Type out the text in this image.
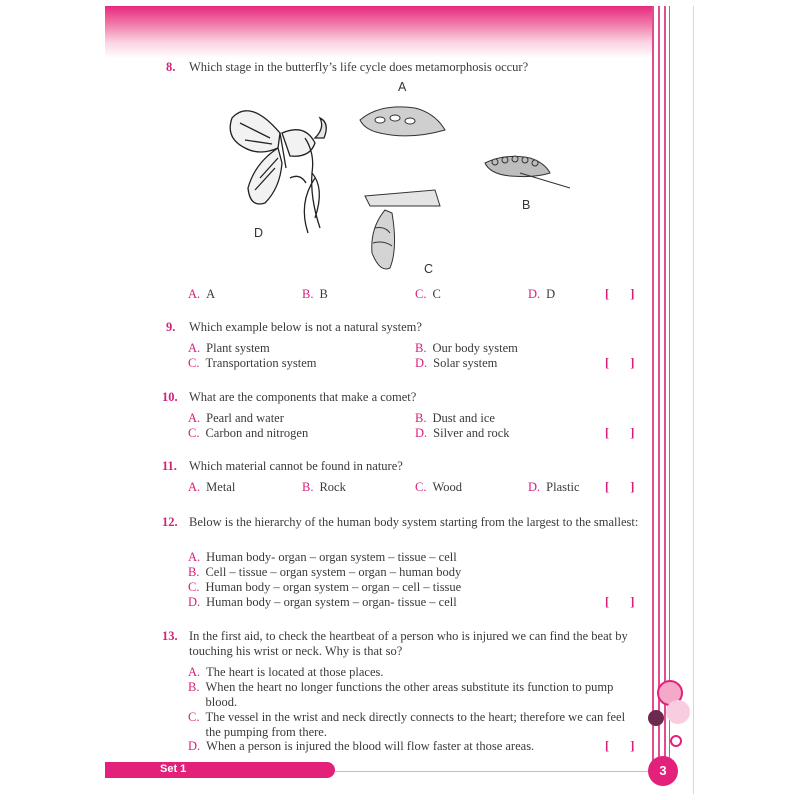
8. Which stage in the butterfly’s life cycle does metamorphosis occur?
A
B
C
D
A. A	B. B	C. C	D. D	[ ]
9. Which example below is not a natural system?
A. Plant system	B. Our body system
C. Transportation system	D. Solar system	[ ]
10. What are the components that make a comet?
A. Pearl and water	B. Dust and ice
C. Carbon and nitrogen	D. Silver and rock	[ ]
11. Which material cannot be found in nature?
A. Metal	B. Rock	C. Wood	D. Plastic [ ]
12. Below is the hierarchy of the human body system starting from the largest to the smallest:
A. Human body- organ – organ system – tissue – cell
B. Cell – tissue – organ system – organ – human body
C. Human body – organ system – organ – cell – tissue
D. Human body – organ system – organ- tissue – cell	[ ]
13. In the first aid, to check the heartbeat of a person who is injured we can find the beat by touching his wrist or neck. Why is that so?
A. The heart is located at those places.
B. When the heart no longer functions the other areas substitute its function to pump blood.
C. The vessel in the wrist and neck directly connects to the heart; therefore we can feel the pumping from there.
D. When a person is injured the blood will flow faster at those areas.	[ ]
Set 1	3
